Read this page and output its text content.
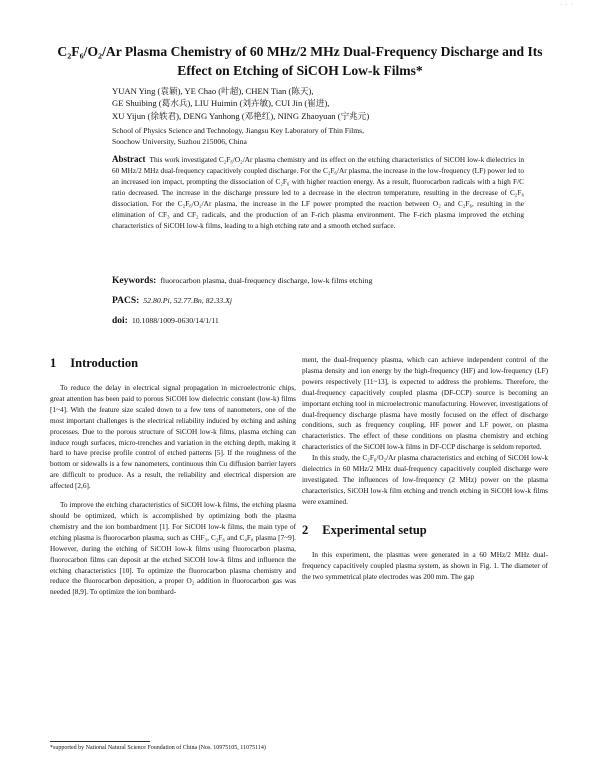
· · ·
C₂F₆/O₂/Ar Plasma Chemistry of 60 MHz/2 MHz Dual-Frequency Discharge and Its Effect on Etching of SiCOH Low-k Films*
YUAN Ying (袁颖), YE Chao (叶超), CHEN Tian (陈天),
GE Shuibing (葛水兵), LIU Huimin (刘卉敏), CUI Jin (崔进),
XU Yijun (徐轶君), DENG Yanhong (邓艳红), NING Zhaoyuan (宁兆元)
School of Physics Science and Technology, Jiangsu Key Laboratory of Thin Films,
Soochow University, Suzhou 215006, China
Abstract This work investigated C₂F₆/O₂/Ar plasma chemistry and its effect on the etching characteristics of SiCOH low-k dielectrics in 60 MHz/2 MHz dual-frequency capacitively coupled discharge. For the C₂F₆/Ar plasma, the increase in the low-frequency (LF) power led to an increased ion impact, prompting the dissociation of C₂F₆ with higher reaction energy. As a result, fluorocarbon radicals with a high F/C ratio decreased. The increase in the discharge pressure led to a decrease in the electron temperature, resulting in the decrease of C₂F₆ dissociation. For the C₂F₆/O₂/Ar plasma, the increase in the LF power prompted the reaction between O₂ and C₂F₆, resulting in the elimination of CF₃ and CF₂ radicals, and the production of an F-rich plasma environment. The F-rich plasma improved the etching characteristics of SiCOH low-k films, leading to a high etching rate and a smooth etched surface.
Keywords: fluorocarbon plasma, dual-frequency discharge, low-k films etching
PACS: 52.80.Pi, 52.77.Bn, 82.33.Xj
doi: 10.1088/1009-0630/14/1/11
1 Introduction

To reduce the delay in electrical signal propagation in microelectronic chips, great attention has been paid to porous SiCOH low dielectric constant (low-k) films [1~4]. With the feature size scaled down to a few tens of nanometers, one of the most important challenges is the electrical reliability induced by etching and ashing processes. Due to the porous structure of SiCOH low-k films, plasma etching can induce rough surfaces, micro-trenches and variation in the etching depth, making it hard to have precise profile control of etched patterns [5]. If the roughness of the bottom or sidewalls is a few nanometers, continuous thin Cu diffusion barrier layers are difficult to produce. As a result, the reliability and electrical dispersion are affected [2,6].

To improve the etching characteristics of SiCOH low-k films, the etching plasma should be optimized, which is accomplished by optimizing both the plasma chemistry and the ion bombardment [1]. For SiCOH low-k films, the main type of etching plasma is fluorocarbon plasma, such as CHF₃, C₂F₆ and C₄F₈ plasma [7~9]. However, during the etching of SiCOH low-k films using fluorocarbon plasma, fluorocarbon films can deposit at the etched SiCOH low-k films and influence the etching characteristics [10]. To optimize the fluorocarbon plasma chemistry and reduce the fluorocarbon deposition, a proper O₂ addition in fluorocarbon gas was needed [8,9]. To optimize the ion bombard-

ment, the dual-frequency plasma, which can achieve independent control of the plasma density and ion energy by the high-frequency (HF) and low-frequency (LF) powers respectively [11~13], is expected to address the problems. Therefore, the dual-frequency capacitively coupled plasma (DF-CCP) source is becoming an important etching tool in microelectronic manufacturing. However, investigations of dual-frequency discharge plasma have mostly focused on the effect of discharge conditions, such as frequency coupling, HF power and LF power, on plasma characteristics. The effect of these conditions on plasma chemistry and etching characteristics of the SiCOH low-k films in DF-CCP discharge is seldom reported.

In this study, the C₂F₆/O₂/Ar plasma characteristics and etching of SiCOH low-k dielectrics in 60 MHz/2 MHz dual-frequency capacitively coupled discharge were investigated. The influences of low-frequency (2 MHz) power on the plasma characteristics, SiCOH low-k film etching and trench etching in SiCOH low-k films were examined.

2 Experimental setup

In this experiment, the plasmas were generated in a 60 MHz/2 MHz dual-frequency capacitively coupled plasma system, as shown in Fig. 1. The diameter of the two symmetrical plate electrodes was 200 mm. The gap

*supported by National Natural Science Foundation of China (Nos. 10975105, 11075114)
